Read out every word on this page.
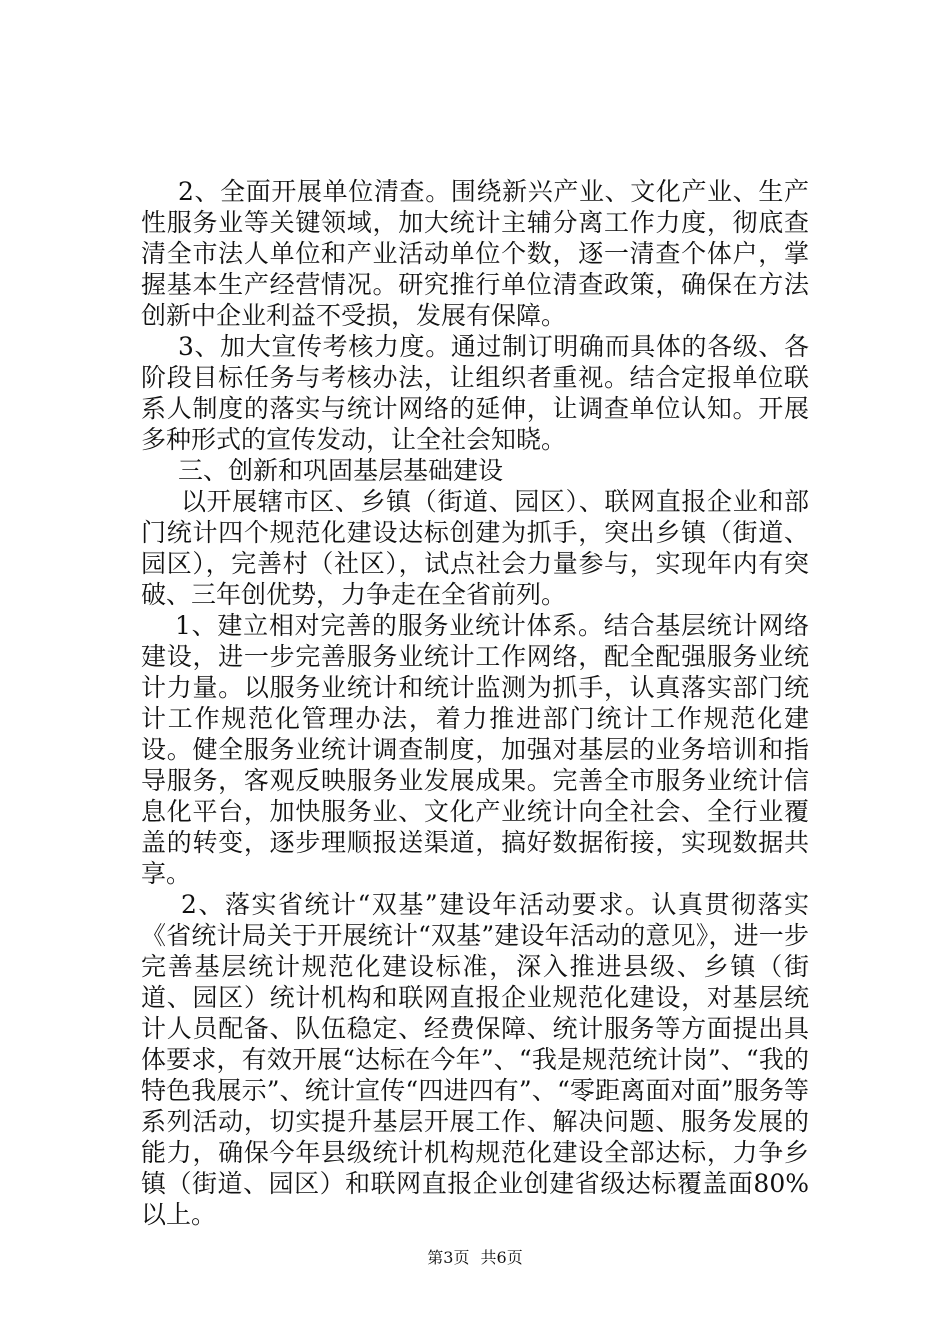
2、全面开展单位清查。围绕新兴产业、文化产业、生产性服务业等关键领域，加大统计主辅分离工作力度，彻底查清全市法人单位和产业活动单位个数，逐一清查个体户，掌握基本生产经营情况。研究推行单位清查政策，确保在方法创新中企业利益不受损，发展有保障。

3、加大宣传考核力度。通过制订明确而具体的各级、各阶段目标任务与考核办法，让组织者重视。结合定报单位联系人制度的落实与统计网络的延伸，让调查单位认知。开展多种形式的宣传发动，让全社会知晓。

三、创新和巩固基层基础建设

以开展辖市区、乡镇（街道、园区）、联网直报企业和部门统计四个规范化建设达标创建为抓手，突出乡镇（街道、园区），完善村（社区），试点社会力量参与，实现年内有突破、三年创优势，力争走在全省前列。

1、建立相对完善的服务业统计体系。结合基层统计网络建设，进一步完善服务业统计工作网络，配全配强服务业统计力量。以服务业统计和统计监测为抓手，认真落实部门统计工作规范化管理办法，着力推进部门统计工作规范化建设。健全服务业统计调查制度，加强对基层的业务培训和指导服务，客观反映服务业发展成果。完善全市服务业统计信息化平台，加快服务业、文化产业统计向全社会、全行业覆盖的转变，逐步理顺报送渠道，搞好数据衔接，实现数据共享。

2、落实省统计“双基”建设年活动要求。认真贯彻落实《省统计局关于开展统计“双基”建设年活动的意见》，进一步完善基层统计规范化建设标准，深入推进县级、乡镇（街道、园区）统计机构和联网直报企业规范化建设，对基层统计人员配备、队伍稳定、经费保障、统计服务等方面提出具体要求，有效开展“达标在今年”、“我是规范统计岗”、“我的特色我展示”、统计宣传“四进四有”、“零距离面对面”服务等系列活动，切实提升基层开展工作、解决问题、服务发展的能力，确保今年县级统计机构规范化建设全部达标，力争乡镇（街道、园区）和联网直报企业创建省级达标覆盖面80%以上。

第3页 共6页
